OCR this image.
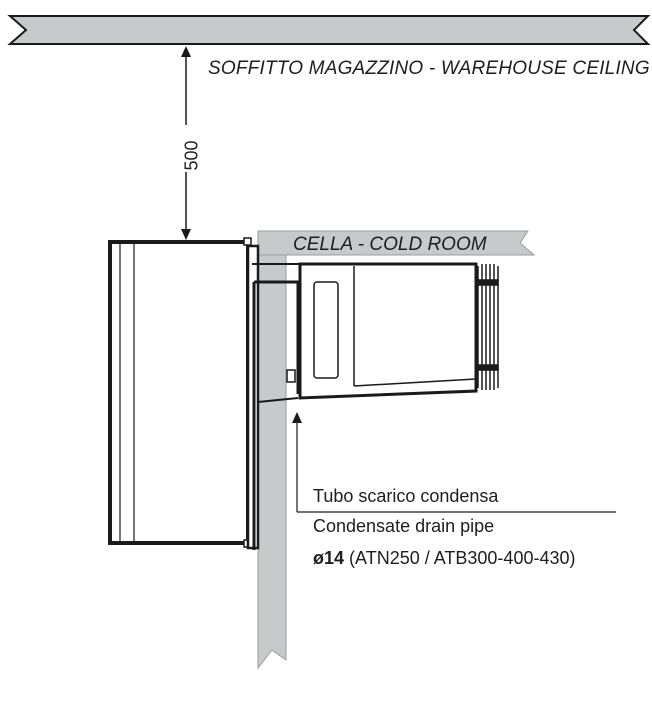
SOFFITTO MAGAZZINO - WAREHOUSE CEILING
CELLA - COLD ROOM
500
Tubo scarico condensa
Condensate drain pipe
ø14 (ATN250 / ATB300-400-430)
